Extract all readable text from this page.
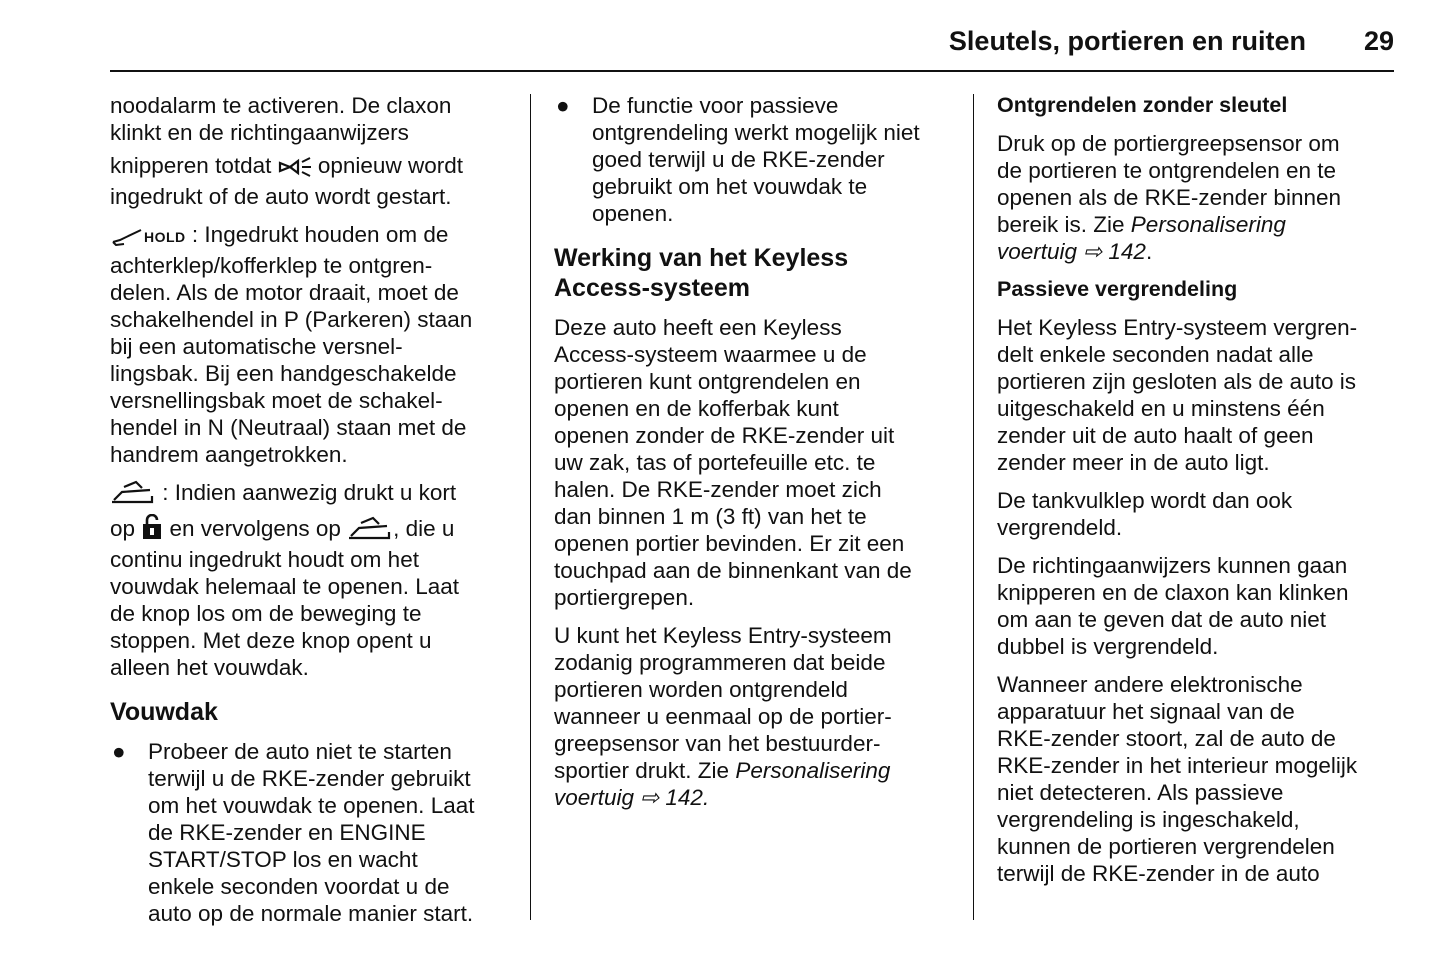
Sleutels, portieren en ruiten 29

noodalarm te activeren. De claxon
klinkt en de richtingaanwijzers
knipperen totdat  opnieuw wordt
ingedrukt of de auto wordt gestart.

HOLD : Ingedrukt houden om de
achterklep/kofferklep te ontgren-
delen. Als de motor draait, moet de
schakelhendel in P (Parkeren) staan
bij een automatische versnel-
lingsbak. Bij een handgeschakelde
versnellingsbak moet de schakel-
hendel in N (Neutraal) staan met de
handrem aangetrokken.

: Indien aanwezig drukt u kort
op  en vervolgens op , die u
continu ingedrukt houdt om het
vouwdak helemaal te openen. Laat
de knop los om de beweging te
stoppen. Met deze knop opent u
alleen het vouwdak.

Vouwdak
● Probeer de auto niet te starten
terwijl u de RKE-zender gebruikt
om het vouwdak te openen. Laat
de RKE-zender en ENGINE
START/STOP los en wacht
enkele seconden voordat u de
auto op de normale manier start.
● De functie voor passieve
ontgrendeling werkt mogelijk niet
goed terwijl u de RKE-zender
gebruikt om het vouwdak te
openen.
Werking van het Keyless
Access-systeem

Deze auto heeft een Keyless
Access-systeem waarmee u de
portieren kunt ontgrendelen en
openen en de kofferbak kunt
openen zonder de RKE-zender uit
uw zak, tas of portefeuille etc. te
halen. De RKE-zender moet zich
dan binnen 1 m (3 ft) van het te
openen portier bevinden. Er zit een
touchpad aan de binnenkant van de
portiergrepen.

U kunt het Keyless Entry-systeem
zodanig programmeren dat beide
portieren worden ontgrendeld
wanneer u eenmaal op de portier-
greepsensor van het bestuurder-
sportier drukt. Zie Personalisering
voertuig ⇨ 142.

Ontgrendelen zonder sleutel

Druk op de portiergreepsensor om
de portieren te ontgrendelen en te
openen als de RKE-zender binnen
bereik is. Zie Personalisering
voertuig ⇨ 142.

Passieve vergrendeling

Het Keyless Entry-systeem vergren-
delt enkele seconden nadat alle
portieren zijn gesloten als de auto is
uitgeschakeld en u minstens één
zender uit de auto haalt of geen
zender meer in de auto ligt.

De tankvulklep wordt dan ook
vergrendeld.

De richtingaanwijzers kunnen gaan
knipperen en de claxon kan klinken
om aan te geven dat de auto niet
dubbel is vergrendeld.

Wanneer andere elektronische
apparatuur het signaal van de
RKE-zender stoort, zal de auto de
RKE-zender in het interieur mogelijk
niet detecteren. Als passieve
vergrendeling is ingeschakeld,
kunnen de portieren vergrendelen
terwijl de RKE-zender in de auto
